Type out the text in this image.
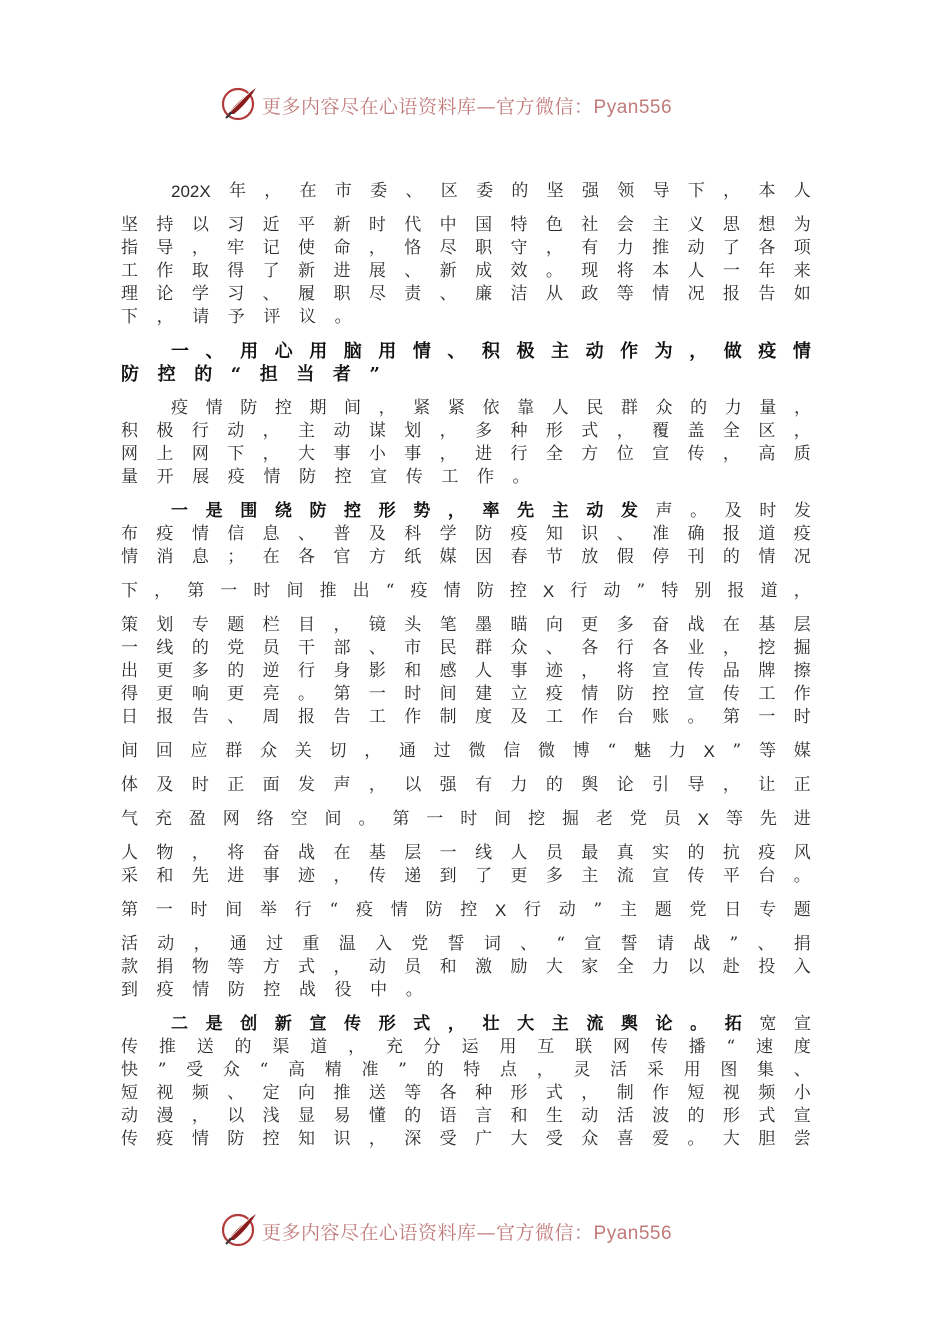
更多内容尽在心语资料库—官方微信：Pyan556
202X 年 ， 在 市 委 、 区 委 的 坚 强 领 导 下 ， 本 人
坚 持 以 习 近 平 新 时 代 中 国 特 色 社 会 主 义 思 想 为
指 导 ， 牢 记 使 命 ， 恪 尽 职 守 ， 有 力 推 动 了 各 项
工 作 取 得 了 新 进 展 、 新 成 效 。 现 将 本 人 一 年 来
理 论 学 习 、 履 职 尽 责 、 廉 洁 从 政 等 情 况 报 告 如
下 ， 请 予 评 议 。
一 、 用 心 用 脑 用 情 、 积 极 主 动 作 为 ， 做 疫 情
防 控 的 “ 担 当 者 ”
疫 情 防 控 期 间 ， 紧 紧 依 靠 人 民 群 众 的 力 量 ，
积 极 行 动 ， 主 动 谋 划 ， 多 种 形 式 ， 覆 盖 全 区 ，
网 上 网 下 ， 大 事 小 事 ， 进 行 全 方 位 宣 传 ， 高 质
量 开 展 疫 情 防 控 宣 传 工 作 。
一 是 围 绕 防 控 形 势 ， 率 先 主 动 发 声 。 及 时 发
布 疫 情 信 息 、 普 及 科 学 防 疫 知 识 、 准 确 报 道 疫
情 消 息 ； 在 各 官 方 纸 媒 因 春 节 放 假 停 刊 的 情 况
下 ， 第 一 时 间 推 出 “ 疫 情 防 控 X 行 动 ” 特 别 报 道 ，
策 划 专 题 栏 目 ， 镜 头 笔 墨 瞄 向 更 多 奋 战 在 基 层
一 线 的 党 员 干 部 、 市 民 群 众 、 各 行 各 业 ， 挖 掘
出 更 多 的 逆 行 身 影 和 感 人 事 迹 ， 将 宣 传 品 牌 擦
得 更 响 更 亮 。 第 一 时 间 建 立 疫 情 防 控 宣 传 工 作
日 报 告 、 周 报 告 工 作 制 度 及 工 作 台 账 。 第 一 时
间 回 应 群 众 关 切 ， 通 过 微 信 微 博 “ 魅 力 X ” 等 媒
体 及 时 正 面 发 声 ， 以 强 有 力 的 舆 论 引 导 ， 让 正
气 充 盈 网 络 空 间 。 第 一 时 间 挖 掘 老 党 员 X 等 先 进
人 物 ， 将 奋 战 在 基 层 一 线 人 员 最 真 实 的 抗 疫 风
采 和 先 进 事 迹 ， 传 递 到 了 更 多 主 流 宣 传 平 台 。
第 一 时 间 举 行 “ 疫 情 防 控 X 行 动 ” 主 题 党 日 专 题
活 动 ， 通 过 重 温 入 党 誓 词 、 “ 宣 誓 请 战 ” 、 捐
款 捐 物 等 方 式 ， 动 员 和 激 励 大 家 全 力 以 赴 投 入
到 疫 情 防 控 战 役 中 。
二 是 创 新 宣 传 形 式 ， 壮 大 主 流 舆 论 。 拓 宽 宣
传 推 送 的 渠 道 ， 充 分 运 用 互 联 网 传 播 “ 速 度
快 ” 受 众 “ 高 精 准 ” 的 特 点 ， 灵 活 采 用 图 集 、
短 视 频 、 定 向 推 送 等 各 种 形 式 ， 制 作 短 视 频 小
动 漫 ， 以 浅 显 易 懂 的 语 言 和 生 动 活 波 的 形 式 宣
传 疫 情 防 控 知 识 ， 深 受 广 大 受 众 喜 爱 。 大 胆 尝
更多内容尽在心语资料库—官方微信：Pyan556
